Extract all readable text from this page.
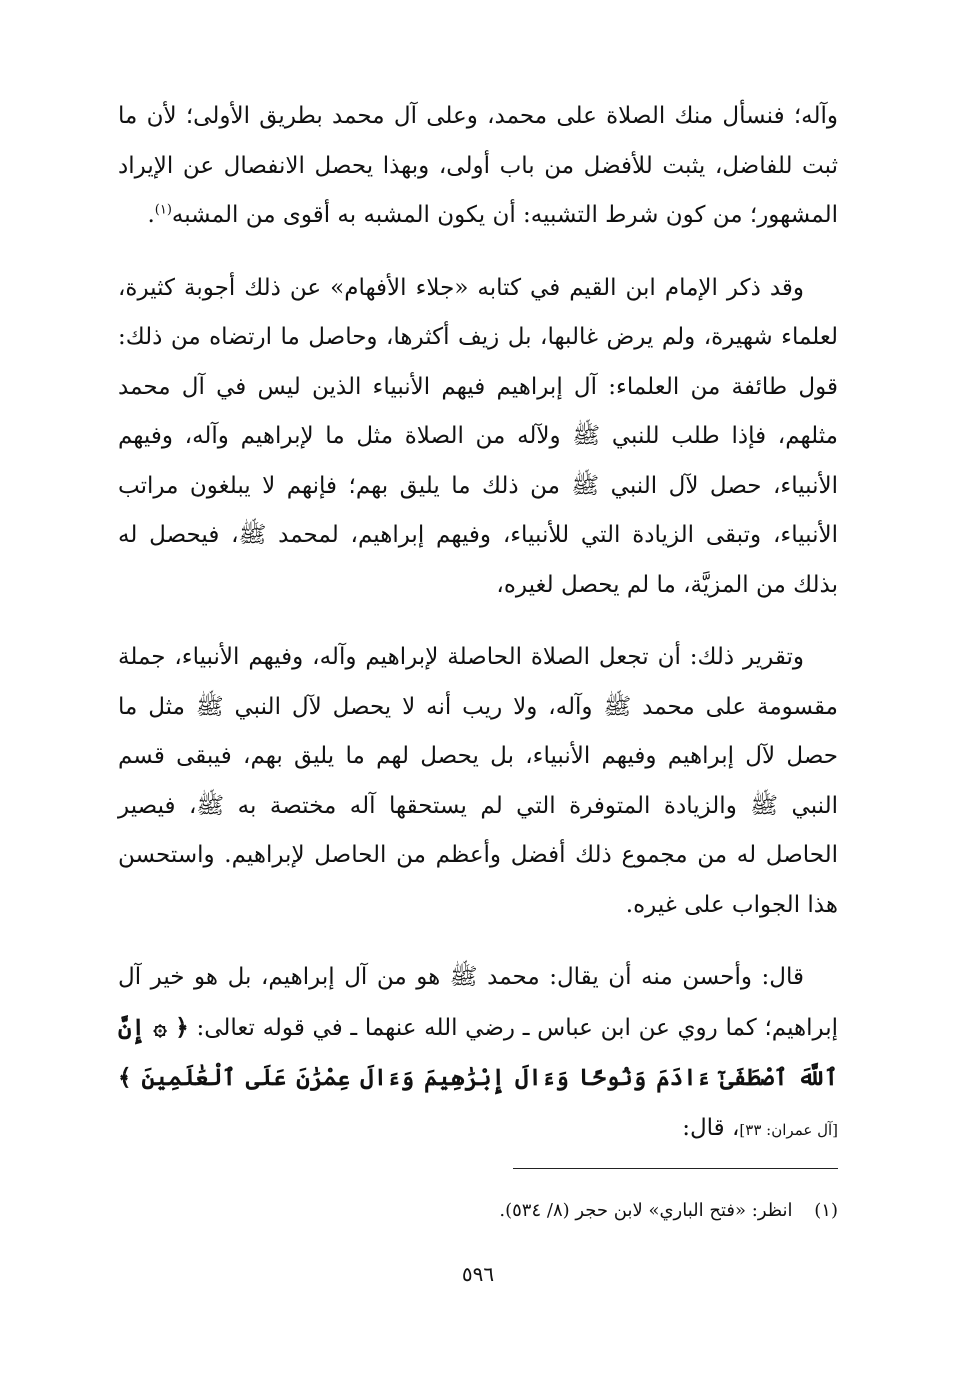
وآله؛ فنسأل منك الصلاة على محمد، وعلى آل محمد بطريق الأولى؛ لأن ما ثبت للفاضل، يثبت للأفضل من باب أولى، وبهذا يحصل الانفصال عن الإيراد المشهور؛ من كون شرط التشبيه: أن يكون المشبه به أقوى من المشبه$^{(١)}$.

وقد ذكر الإمام ابن القيم في كتابه «جلاء الأفهام» عن ذلك أجوبة كثيرة، لعلماء شهيرة، ولم يرض غالبها، بل زيف أكثرها، وحاصل ما ارتضاه من ذلك: قول طائفة من العلماء: آل إبراهيم فيهم الأنبياء الذين ليس في آل محمد مثلهم، فإذا طلب للنبي ﷺ ولآله من الصلاة مثل ما لإبراهيم وآله، وفيهم الأنبياء، حصل لآل النبي ﷺ من ذلك ما يليق بهم؛ فإنهم لا يبلغون مراتب الأنبياء، وتبقى الزيادة التي للأنبياء، وفيهم إبراهيم، لمحمد ﷺ، فيحصل له بذلك من المزيَّة، ما لم يحصل لغيره،

وتقرير ذلك: أن تجعل الصلاة الحاصلة لإبراهيم وآله، وفيهم الأنبياء، جملة مقسومة على محمد ﷺ وآله، ولا ريب أنه لا يحصل لآل النبي ﷺ مثل ما حصل لآل إبراهيم وفيهم الأنبياء، بل يحصل لهم ما يليق بهم، فيبقى قسم النبي ﷺ والزيادة المتوفرة التي لم يستحقها آله مختصة به ﷺ، فيصير الحاصل له من مجموع ذلك أفضل وأعظم من الحاصل لإبراهيم. واستحسن هذا الجواب على غيره.

قال: وأحسن منه أن يقال: محمد ﷺ هو من آل إبراهيم، بل هو خير آل إبراهيم؛ كما روي عن ابن عباس ـ رضي الله عنهما ـ في قوله تعالى: ﴿ ۞ إِنَّ ٱللَّهَ ٱصْطَفَىٰٓ ءَادَمَ وَنُوحًا وَءَالَ إِبْرَٰهِيمَ وَءَالَ عِمْرَٰنَ عَلَى ٱلْعَٰلَمِينَ ﴾ [آل عمران: ٣٣]، قال:

(١) انظر: «فتح الباري» لابن حجر (٨/ ٥٣٤).
٥٩٦
